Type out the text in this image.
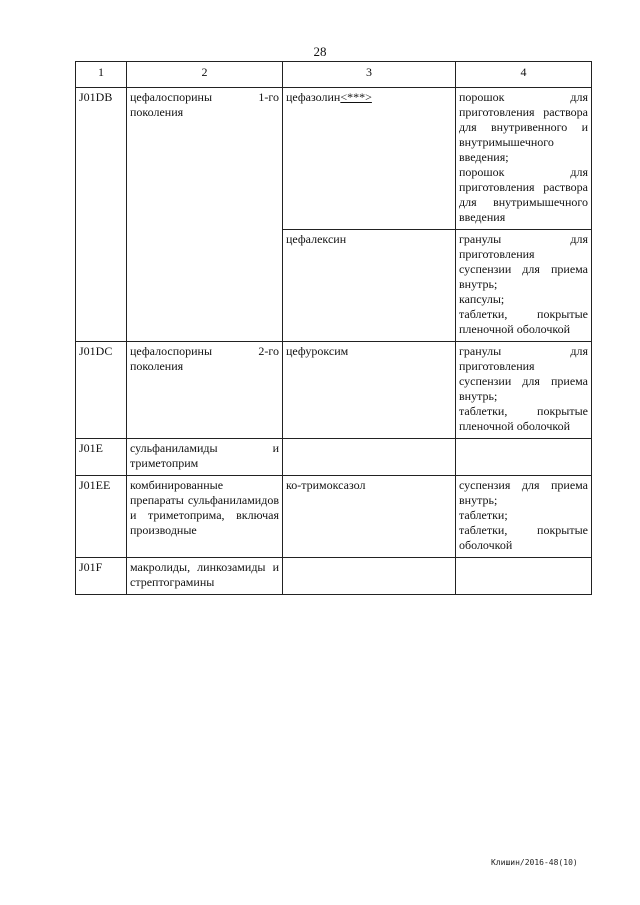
28
1	2	3	4
J01DB	цефалоспорины 1-го поколения	цефазолин<***>	порошок для приготовления раствора для внутривенного и внутримышечного введения;
порошок для приготовления раствора для внутримышечного введения

		цефалексин	гранулы для приготовления суспензии для приема внутрь;
капсулы;
таблетки, покрытые пленочной оболочкой

J01DC	цефалоспорины 2-го поколения	цефуроксим	гранулы для приготовления суспензии для приема внутрь;
таблетки, покрытые пленочной оболочкой

J01E	сульфаниламиды и триметоприм		
J01EE	комбинированные препараты сульфаниламидов и триметоприма, включая производные	ко-тримоксазол	суспензия для приема внутрь;
таблетки;
таблетки, покрытые оболочкой

J01F	макролиды, линкозамиды и стрептограмины		
Клишин/2016-48(10)
